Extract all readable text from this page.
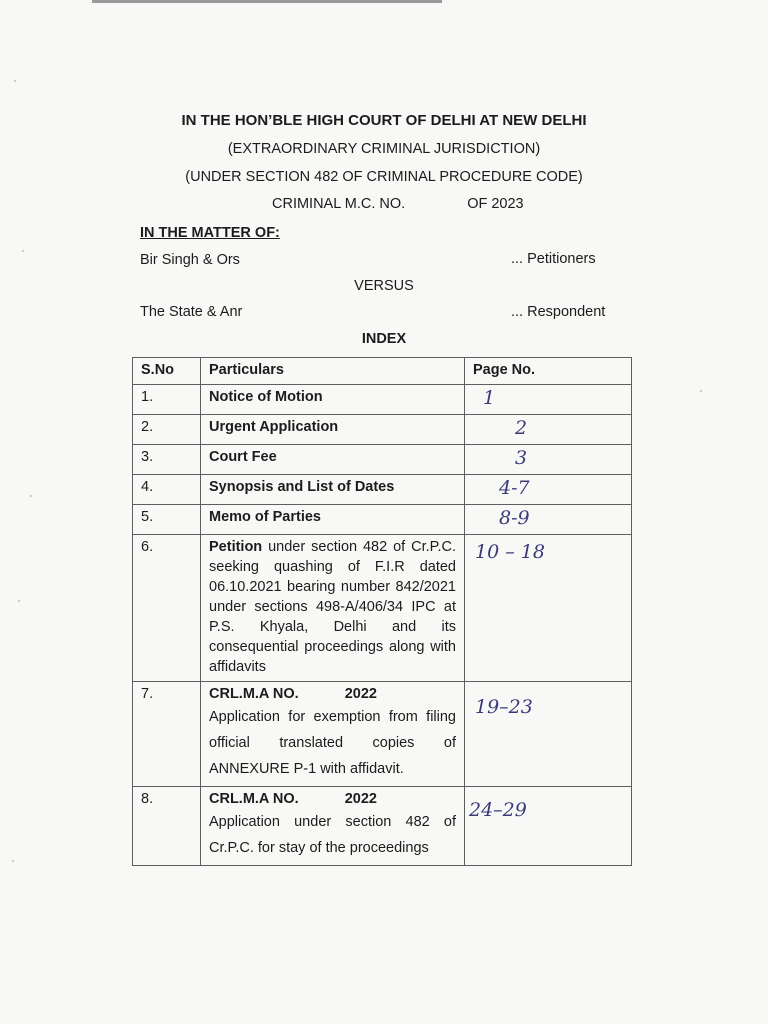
IN THE HON’BLE HIGH COURT OF DELHI AT NEW DELHI
(EXTRAORDINARY CRIMINAL JURISDICTION)
(UNDER SECTION 482 OF CRIMINAL PROCEDURE CODE)
CRIMINAL M.C. NO.	OF 2023
IN THE MATTER OF:
Bir Singh & Ors	... Petitioners
VERSUS
The State & Anr	... Respondent
INDEX
S.No	Particulars	Page No.
1.	Notice of Motion	1
2.	Urgent Application	2
3.	Court Fee	3
4.	Synopsis and List of Dates	4-7
5.	Memo of Parties	8-9
6.	Petition under section 482 of Cr.P.C. seeking quashing of F.I.R dated 06.10.2021 bearing number 842/2021 under sections 498-A/406/34 IPC at P.S. Khyala, Delhi and its consequential proceedings along with affidavits	10 – 18
7.	CRL.M.A NO. 2022
Application for exemption from filing official translated copies of ANNEXURE P-1 with affidavit.	19–23
8.	CRL.M.A NO. 2022
Application under section 482 of Cr.P.C. for stay of the proceedings	24–29
